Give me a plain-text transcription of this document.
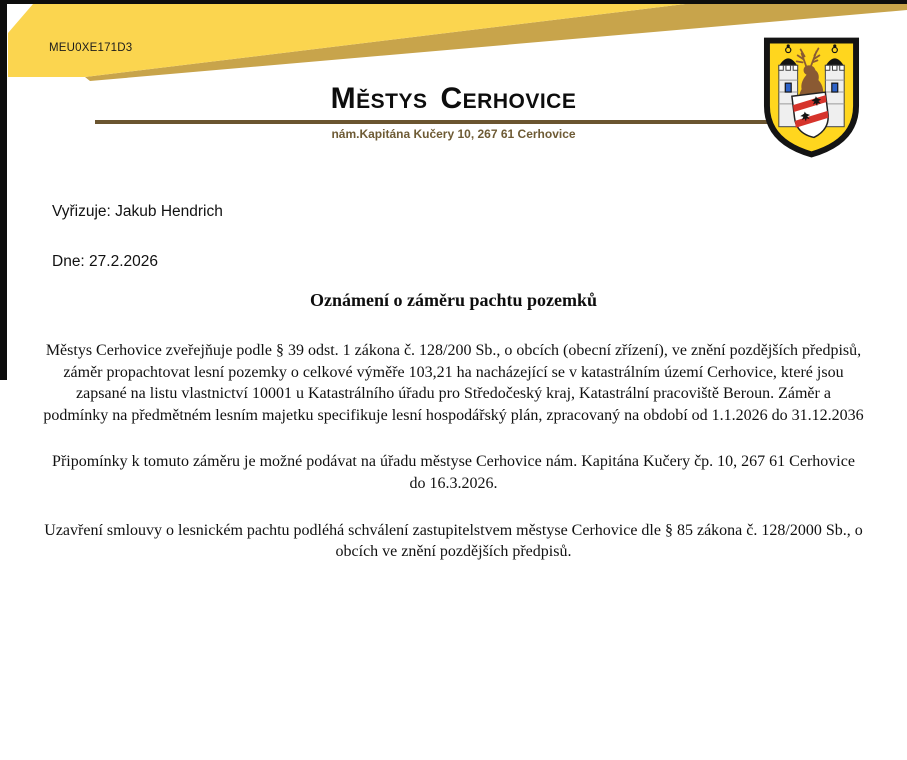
MEU0XE171D3
MĚSTYS CERHOVICE
nám.Kapitána Kučery 10, 267 61 Cerhovice
Vyřizuje: Jakub Hendrich
Dne: 27.2.2026
Oznámení o záměru pachtu pozemků

Městys Cerhovice zveřejňuje podle § 39 odst. 1 zákona č. 128/200 Sb., o obcích (obecní zřízení), ve znění pozdějších předpisů, záměr propachtovat lesní pozemky o celkové výměře 103,21 ha nacházející se v katastrálním území Cerhovice, které jsou zapsané na listu vlastnictví 10001 u Katastrálního úřadu pro Středočeský kraj, Katastrální pracoviště Beroun. Záměr a podmínky na předmětném lesním majetku specifikuje lesní hospodářský plán, zpracovaný na období od 1.1.2026 do 31.12.2036

Připomínky k tomuto záměru je možné podávat na úřadu městyse Cerhovice nám. Kapitána Kučery čp. 10, 267 61 Cerhovice do 16.3.2026.

Uzavření smlouvy o lesnickém pachtu podléhá schválení zastupitelstvem městyse Cerhovice dle § 85 zákona č. 128/2000 Sb., o obcích ve znění pozdějších předpisů.
